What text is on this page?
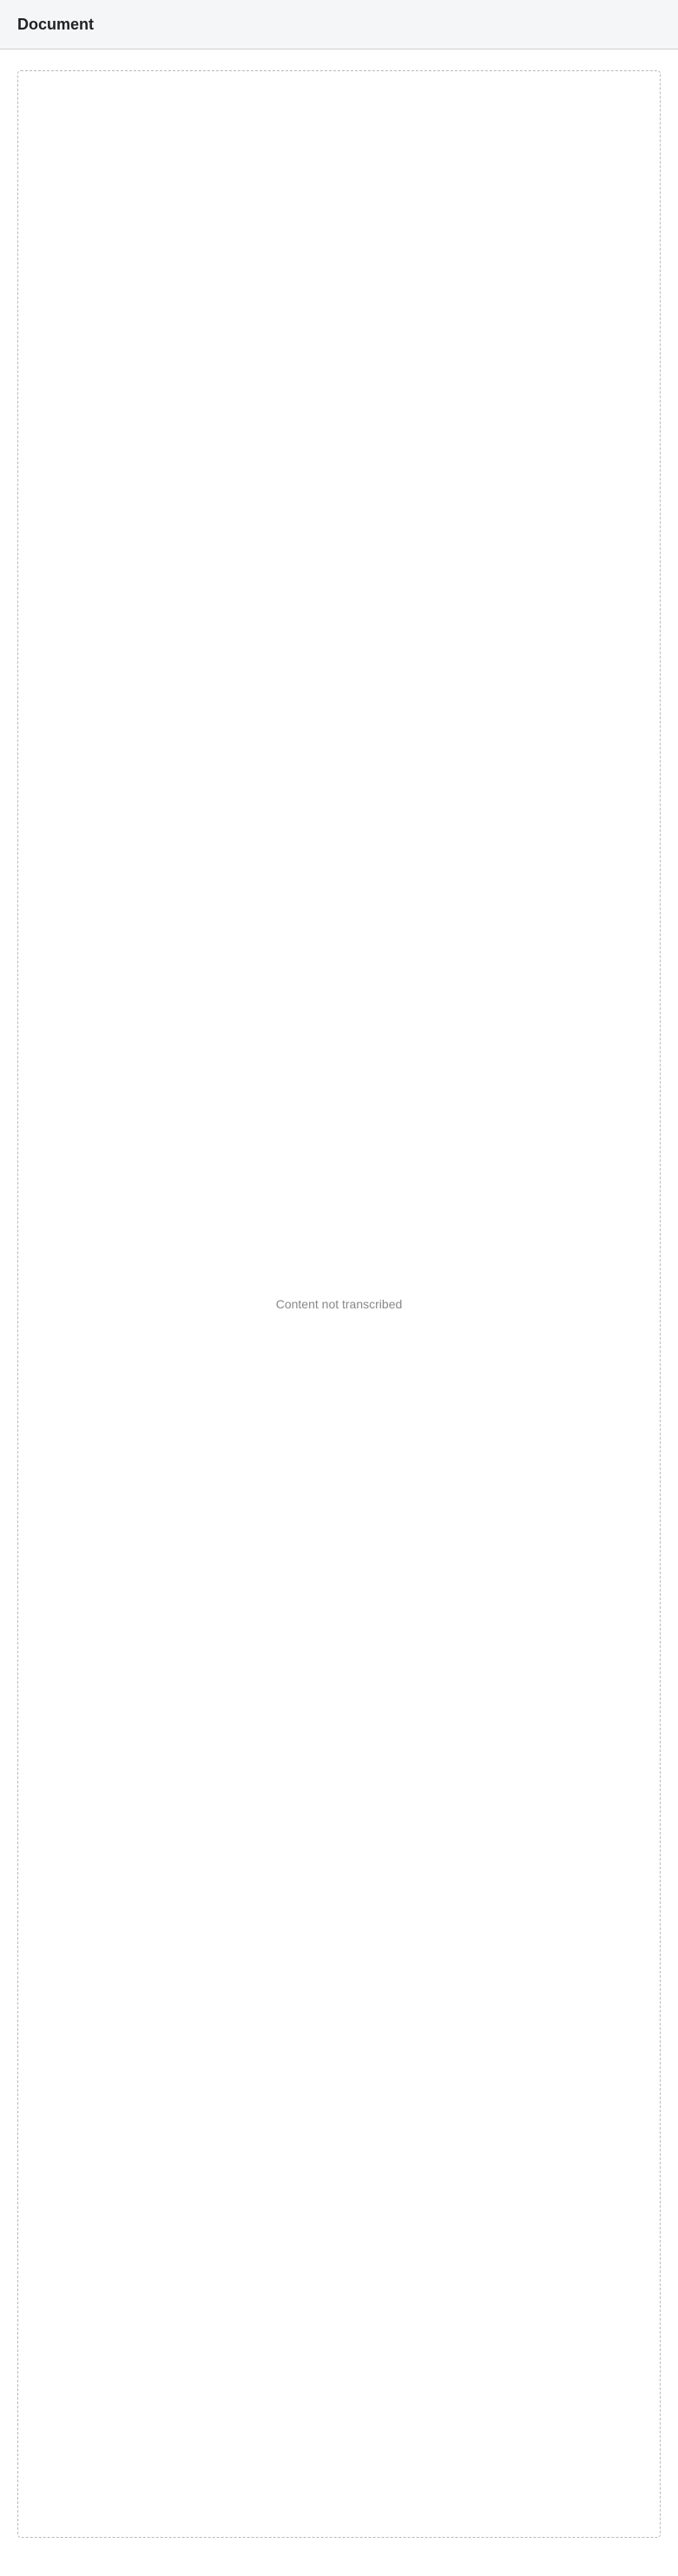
Document
Content not transcribed
